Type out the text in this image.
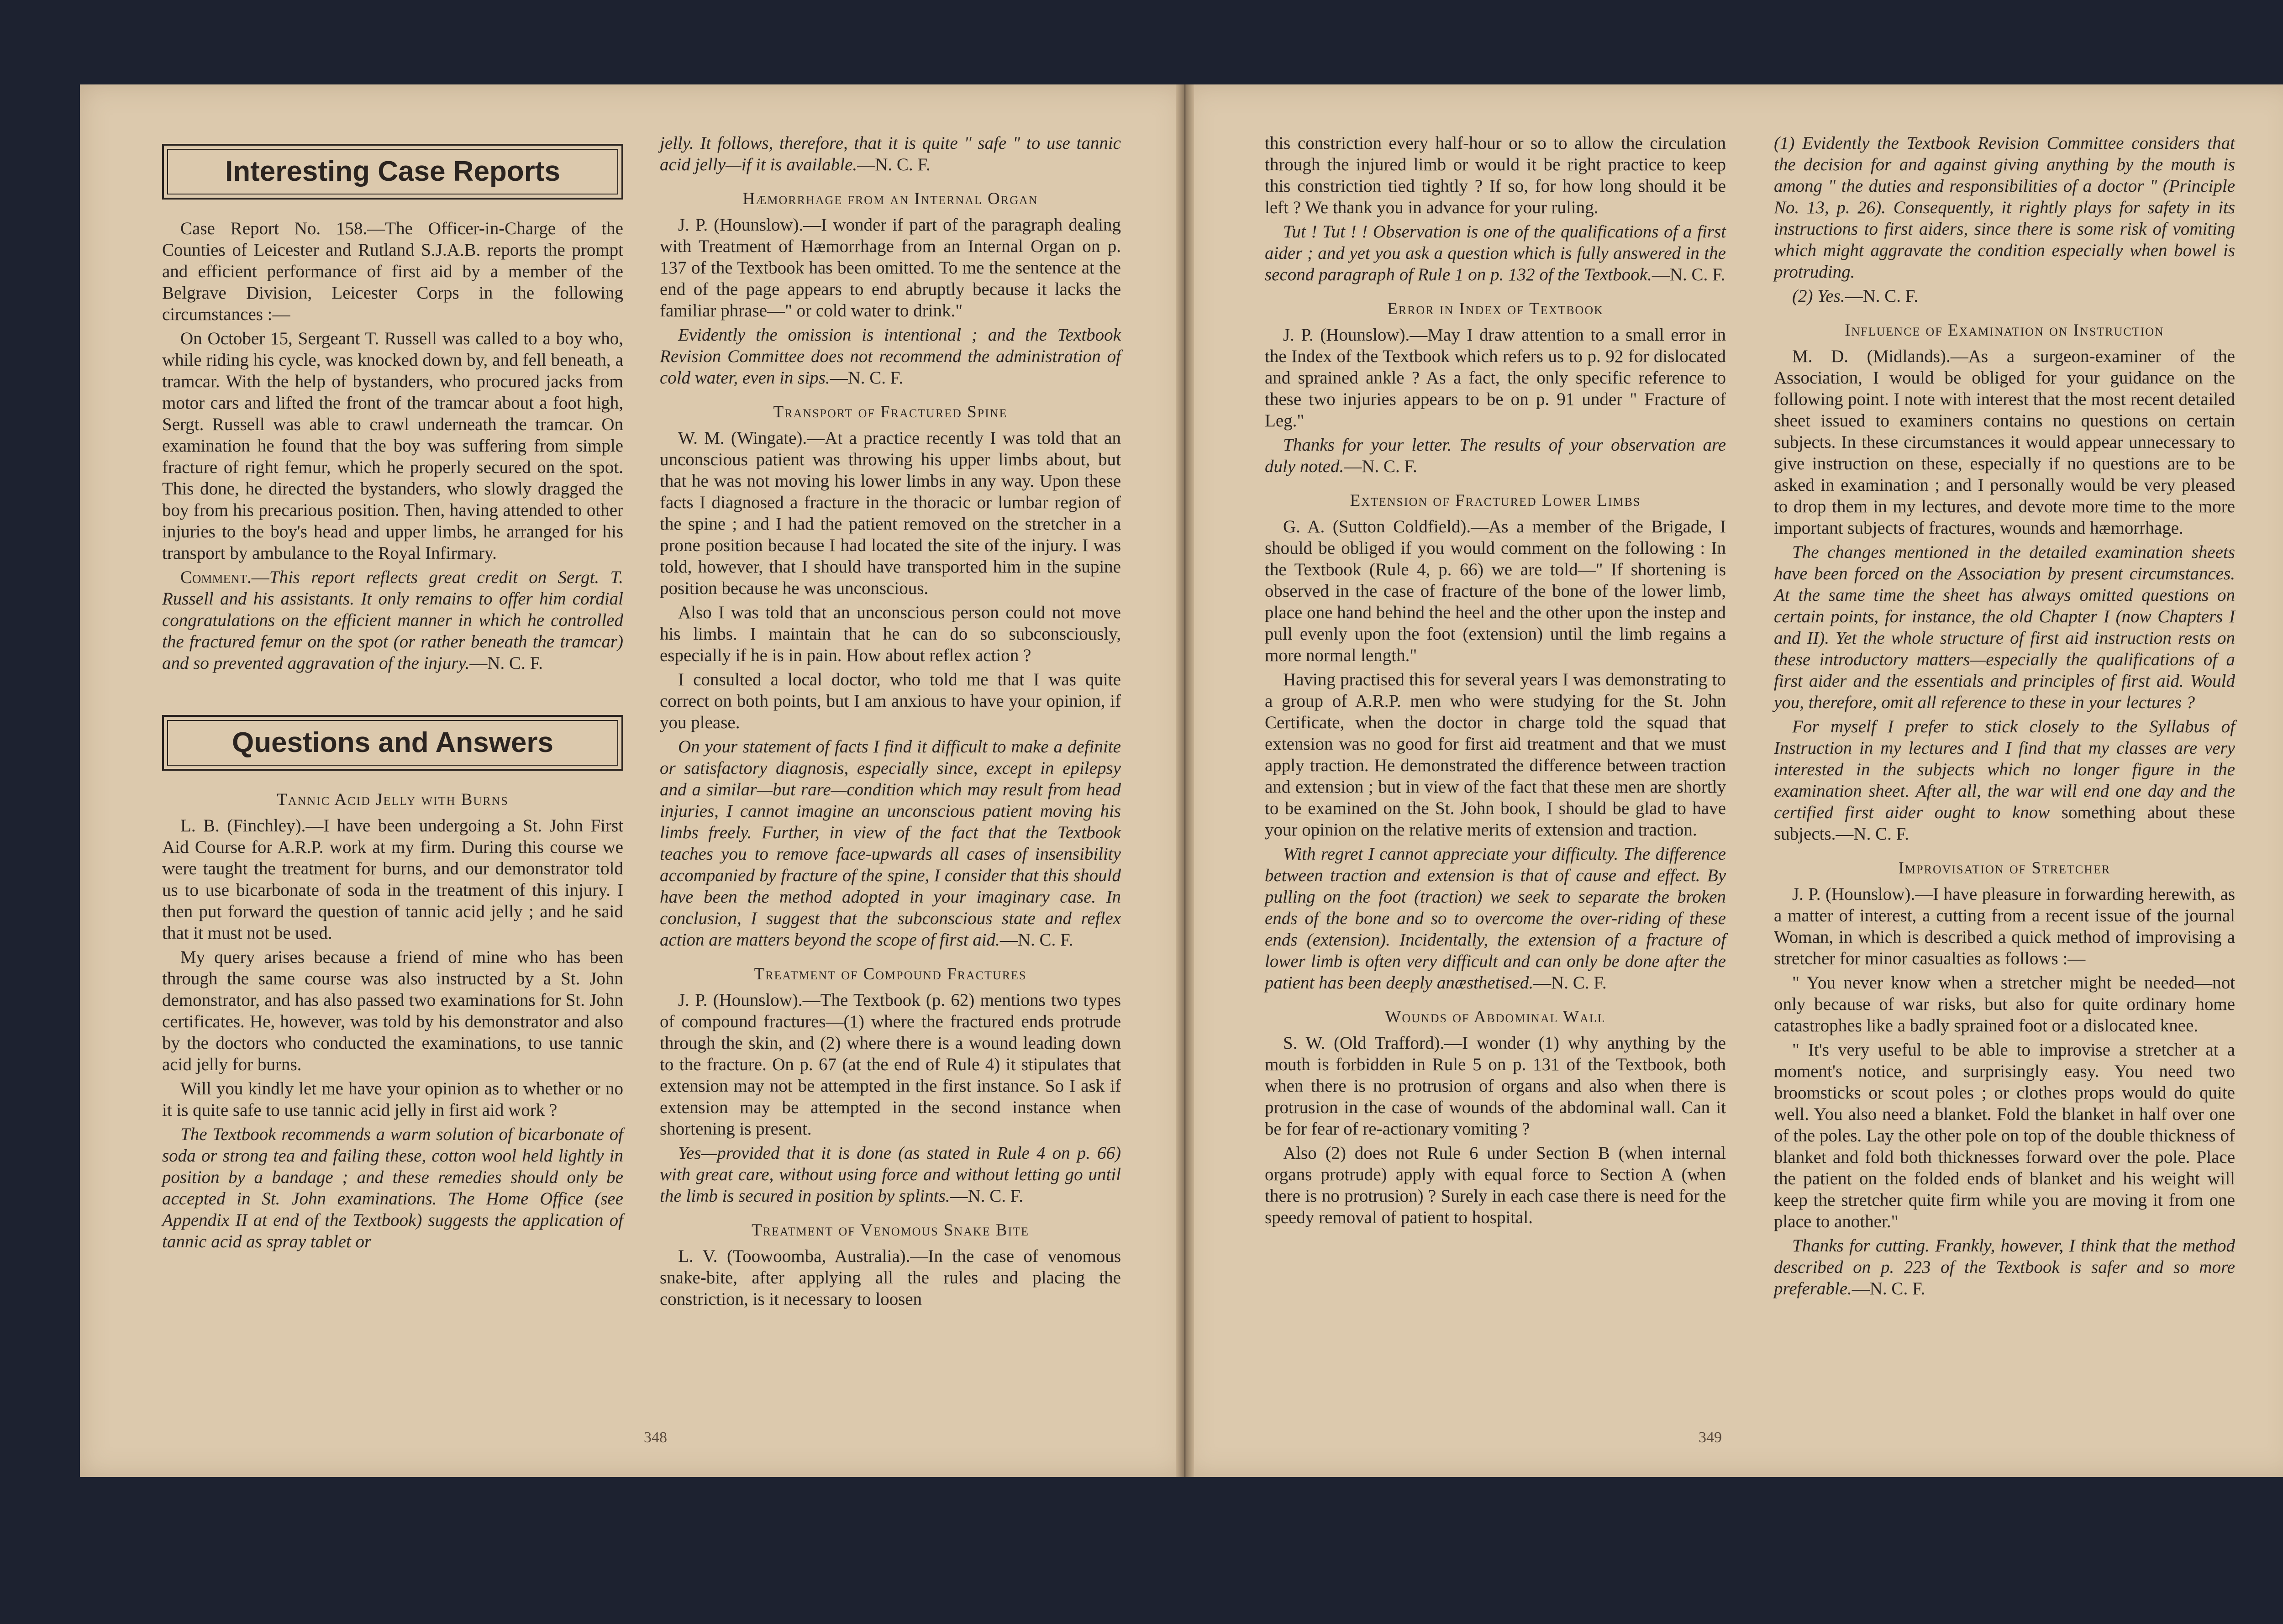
Interesting Case Reports

Case Report No. 158.—The Officer-in-Charge of the Counties of Leicester and Rutland S.J.A.B. reports the prompt and efficient performance of first aid by a member of the Belgrave Division, Leicester Corps in the following circumstances :—

On October 15, Sergeant T. Russell was called to a boy who, while riding his cycle, was knocked down by, and fell beneath, a tramcar. With the help of bystanders, who procured jacks from motor cars and lifted the front of the tramcar about a foot high, Sergt. Russell was able to crawl underneath the tramcar. On examination he found that the boy was suffering from simple fracture of right femur, which he properly secured on the spot. This done, he directed the bystanders, who slowly dragged the boy from his precarious position. Then, having attended to other injuries to the boy's head and upper limbs, he arranged for his transport by ambulance to the Royal Infirmary.

Comment.—This report reflects great credit on Sergt. T. Russell and his assistants. It only remains to offer him cordial congratulations on the efficient manner in which he controlled the fractured femur on the spot (or rather beneath the tramcar) and so prevented aggravation of the injury.—N. C. F.

Questions and Answers
Tannic Acid Jelly with Burns

L. B. (Finchley).—I have been undergoing a St. John First Aid Course for A.R.P. work at my firm. During this course we were taught the treatment for burns, and our demonstrator told us to use bicarbonate of soda in the treatment of this injury. I then put forward the question of tannic acid jelly ; and he said that it must not be used.

My query arises because a friend of mine who has been through the same course was also instructed by a St. John demonstrator, and has also passed two examinations for St. John certificates. He, however, was told by his demonstrator and also by the doctors who conducted the examinations, to use tannic acid jelly for burns.

Will you kindly let me have your opinion as to whether or no it is quite safe to use tannic acid jelly in first aid work ?

The Textbook recommends a warm solution of bicarbonate of soda or strong tea and failing these, cotton wool held lightly in position by a bandage ; and these remedies should only be accepted in St. John examinations. The Home Office (see Appendix II at end of the Textbook) suggests the application of tannic acid as spray tablet or

jelly. It follows, therefore, that it is quite " safe " to use tannic acid jelly—if it is available.—N. C. F.

Hæmorrhage from an Internal Organ

J. P. (Hounslow).—I wonder if part of the paragraph dealing with Treatment of Hæmorrhage from an Internal Organ on p. 137 of the Textbook has been omitted. To me the sentence at the end of the page appears to end abruptly because it lacks the familiar phrase—" or cold water to drink."

Evidently the omission is intentional ; and the Textbook Revision Committee does not recommend the administration of cold water, even in sips.—N. C. F.

Transport of Fractured Spine

W. M. (Wingate).—At a practice recently I was told that an unconscious patient was throwing his upper limbs about, but that he was not moving his lower limbs in any way. Upon these facts I diagnosed a fracture in the thoracic or lumbar region of the spine ; and I had the patient removed on the stretcher in a prone position because I had located the site of the injury. I was told, however, that I should have transported him in the supine position because he was unconscious.

Also I was told that an unconscious person could not move his limbs. I maintain that he can do so subconsciously, especially if he is in pain. How about reflex action ?

I consulted a local doctor, who told me that I was quite correct on both points, but I am anxious to have your opinion, if you please.

On your statement of facts I find it difficult to make a definite or satisfactory diagnosis, especially since, except in epilepsy and a similar—but rare—condition which may result from head injuries, I cannot imagine an unconscious patient moving his limbs freely. Further, in view of the fact that the Textbook teaches you to remove face-upwards all cases of insensibility accompanied by fracture of the spine, I consider that this should have been the method adopted in your imaginary case. In conclusion, I suggest that the subconscious state and reflex action are matters beyond the scope of first aid.—N. C. F.

Treatment of Compound Fractures

J. P. (Hounslow).—The Textbook (p. 62) mentions two types of compound fractures—(1) where the fractured ends protrude through the skin, and (2) where there is a wound leading down to the fracture. On p. 67 (at the end of Rule 4) it stipulates that extension may not be attempted in the first instance. So I ask if extension may be attempted in the second instance when shortening is present.

Yes—provided that it is done (as stated in Rule 4 on p. 66) with great care, without using force and without letting go until the limb is secured in position by splints.—N. C. F.

Treatment of Venomous Snake Bite

L. V. (Toowoomba, Australia).—In the case of venomous snake-bite, after applying all the rules and placing the constriction, is it necessary to loosen

this constriction every half-hour or so to allow the circulation through the injured limb or would it be right practice to keep this constriction tied tightly ? If so, for how long should it be left ? We thank you in advance for your ruling.

Tut ! Tut ! ! Observation is one of the qualifications of a first aider ; and yet you ask a question which is fully answered in the second paragraph of Rule 1 on p. 132 of the Textbook.—N. C. F.

Error in Index of Textbook

J. P. (Hounslow).—May I draw attention to a small error in the Index of the Textbook which refers us to p. 92 for dislocated and sprained ankle ? As a fact, the only specific reference to these two injuries appears to be on p. 91 under " Fracture of Leg."

Thanks for your letter. The results of your observation are duly noted.—N. C. F.

Extension of Fractured Lower Limbs

G. A. (Sutton Coldfield).—As a member of the Brigade, I should be obliged if you would comment on the following : In the Textbook (Rule 4, p. 66) we are told—" If shortening is observed in the case of fracture of the bone of the lower limb, place one hand behind the heel and the other upon the instep and pull evenly upon the foot (extension) until the limb regains a more normal length."

Having practised this for several years I was demonstrating to a group of A.R.P. men who were studying for the St. John Certificate, when the doctor in charge told the squad that extension was no good for first aid treatment and that we must apply traction. He demonstrated the difference between traction and extension ; but in view of the fact that these men are shortly to be examined on the St. John book, I should be glad to have your opinion on the relative merits of extension and traction.

With regret I cannot appreciate your difficulty. The difference between traction and extension is that of cause and effect. By pulling on the foot (traction) we seek to separate the broken ends of the bone and so to overcome the over-riding of these ends (extension). Incidentally, the extension of a fracture of lower limb is often very difficult and can only be done after the patient has been deeply anæsthetised.—N. C. F.

Wounds of Abdominal Wall

S. W. (Old Trafford).—I wonder (1) why anything by the mouth is forbidden in Rule 5 on p. 131 of the Textbook, both when there is no protrusion of organs and also when there is protrusion in the case of wounds of the abdominal wall. Can it be for fear of re-actionary vomiting ?

Also (2) does not Rule 6 under Section B (when internal organs protrude) apply with equal force to Section A (when there is no protrusion) ? Surely in each case there is need for the speedy removal of patient to hospital.

(1) Evidently the Textbook Revision Committee considers that the decision for and against giving anything by the mouth is among " the duties and responsibilities of a doctor " (Principle No. 13, p. 26). Consequently, it rightly plays for safety in its instructions to first aiders, since there is some risk of vomiting which might aggravate the condition especially when bowel is protruding.

(2) Yes.—N. C. F.

Influence of Examination on Instruction

M. D. (Midlands).—As a surgeon-examiner of the Association, I would be obliged for your guidance on the following point. I note with interest that the most recent detailed sheet issued to examiners contains no questions on certain subjects. In these circumstances it would appear unnecessary to give instruction on these, especially if no questions are to be asked in examination ; and I personally would be very pleased to drop them in my lectures, and devote more time to the more important subjects of fractures, wounds and hæmorrhage.

The changes mentioned in the detailed examination sheets have been forced on the Association by present circumstances. At the same time the sheet has always omitted questions on certain points, for instance, the old Chapter I (now Chapters I and II). Yet the whole structure of first aid instruction rests on these introductory matters—especially the qualifications of a first aider and the essentials and principles of first aid. Would you, therefore, omit all reference to these in your lectures ?

For myself I prefer to stick closely to the Syllabus of Instruction in my lectures and I find that my classes are very interested in the subjects which no longer figure in the examination sheet. After all, the war will end one day and the certified first aider ought to know something about these subjects.—N. C. F.

Improvisation of Stretcher

J. P. (Hounslow).—I have pleasure in forwarding herewith, as a matter of interest, a cutting from a recent issue of the journal Woman, in which is described a quick method of improvising a stretcher for minor casualties as follows :—

" You never know when a stretcher might be needed—not only because of war risks, but also for quite ordinary home catastrophes like a badly sprained foot or a dislocated knee.

" It's very useful to be able to improvise a stretcher at a moment's notice, and surprisingly easy. You need two broomsticks or scout poles ; or clothes props would do quite well. You also need a blanket. Fold the blanket in half over one of the poles. Lay the other pole on top of the double thickness of blanket and fold both thicknesses forward over the pole. Place the patient on the folded ends of blanket and his weight will keep the stretcher quite firm while you are moving it from one place to another."

Thanks for cutting. Frankly, however, I think that the method described on p. 223 of the Textbook is safer and so more preferable.—N. C. F.

348	349
